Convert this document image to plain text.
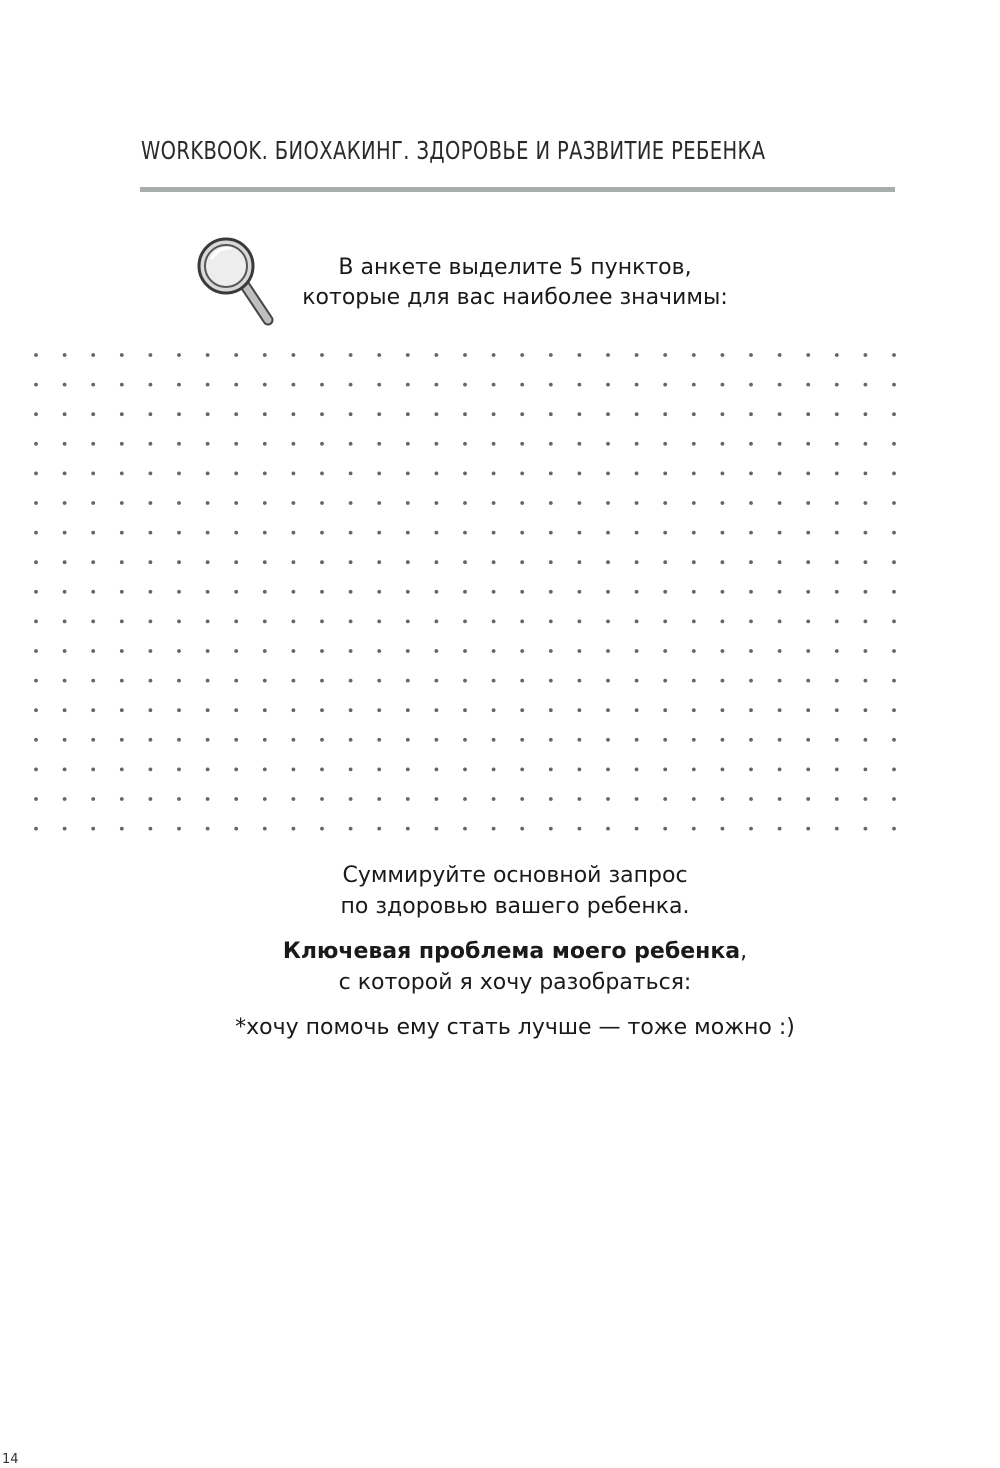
WORKBOOK. БИОХАКИНГ. ЗДОРОВЬЕ И РАЗВИТИЕ РЕБЕНКА
В анкете выделите 5 пунктов,
которые для вас наиболее значимы:
Суммируйте основной запрос
по здоровью вашего ребенка.
Ключевая проблема моего ребенка,
с которой я хочу разобраться:
*хочу помочь ему стать лучше — тоже можно :)
14
